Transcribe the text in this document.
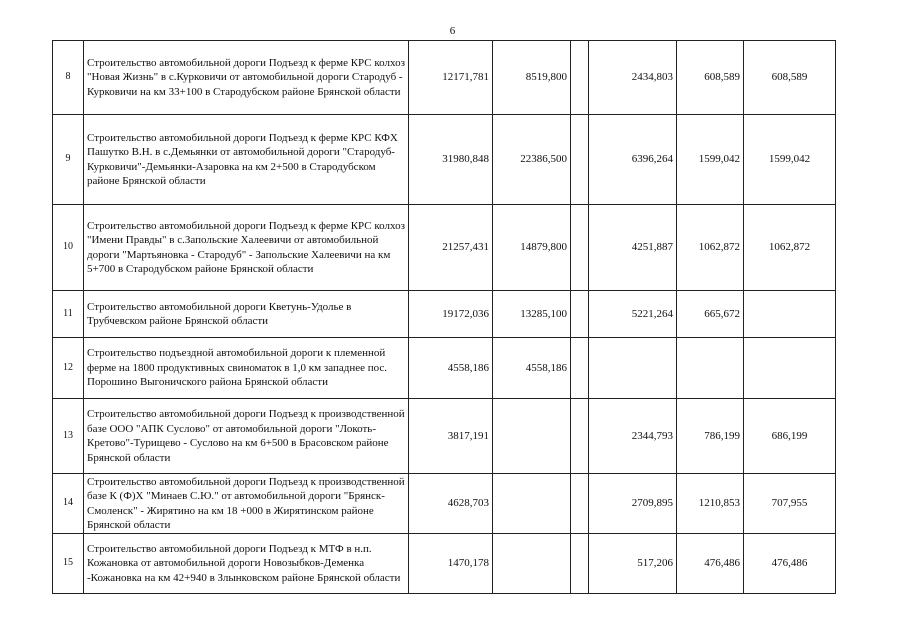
6
8	Строительство автомобильной дороги Подъезд к ферме КРС колхоз "Новая Жизнь" в с.Курковичи от автомобильной дороги Стародуб - Курковичи на км 33+100 в Стародубском районе Брянской области	12171,781	8519,800		2434,803	608,589	608,589
9	Строительство автомобильной дороги Подъезд к ферме КРС КФХ Пашутко В.Н. в с.Демьянки от автомобильной дороги "Стародуб-Курковичи"-Демьянки-Азаровка на км 2+500 в Стародубском районе Брянской области	31980,848	22386,500		6396,264	1599,042	1599,042
10	Строительство автомобильной дороги Подъезд к ферме КРС колхоз "Имени Правды" в с.Запольские Халеевичи от автомобильной дороги "Мартьяновка - Стародуб" - Запольские Халеевичи на км 5+700 в Стародубском районе Брянской области	21257,431	14879,800		4251,887	1062,872	1062,872
11	Строительство автомобильной дороги Кветунь-Удолье в Трубчевском районе Брянской области	19172,036	13285,100		5221,264	665,672	
12	Строительство подъездной автомобильной дороги к племенной ферме на 1800 продуктивных свиноматок в 1,0 км западнее пос. Порошино Выгоничского района Брянской области	4558,186	4558,186				
13	Строительство автомобильной дороги Подъезд к производственной базе ООО "АПК Суслово" от автомобильной дороги "Локоть-Кретово"-Турищево - Суслово на км 6+500 в Брасовском районе Брянской области	3817,191			2344,793	786,199	686,199
14	Строительство автомобильной дороги Подъезд к производственной базе К (Ф)Х "Минаев С.Ю." от автомобильной дороги "Брянск-Смоленск" - Жирятино на км 18 +000 в Жирятинском районе Брянской области	4628,703			2709,895	1210,853	707,955
15	Строительство автомобильной дороги Подъезд к МТФ в н.п. Кожановка от автомобильной дороги Новозыбков-Деменка -Кожановка на км 42+940 в Злынковском районе Брянской области	1470,178			517,206	476,486	476,486
